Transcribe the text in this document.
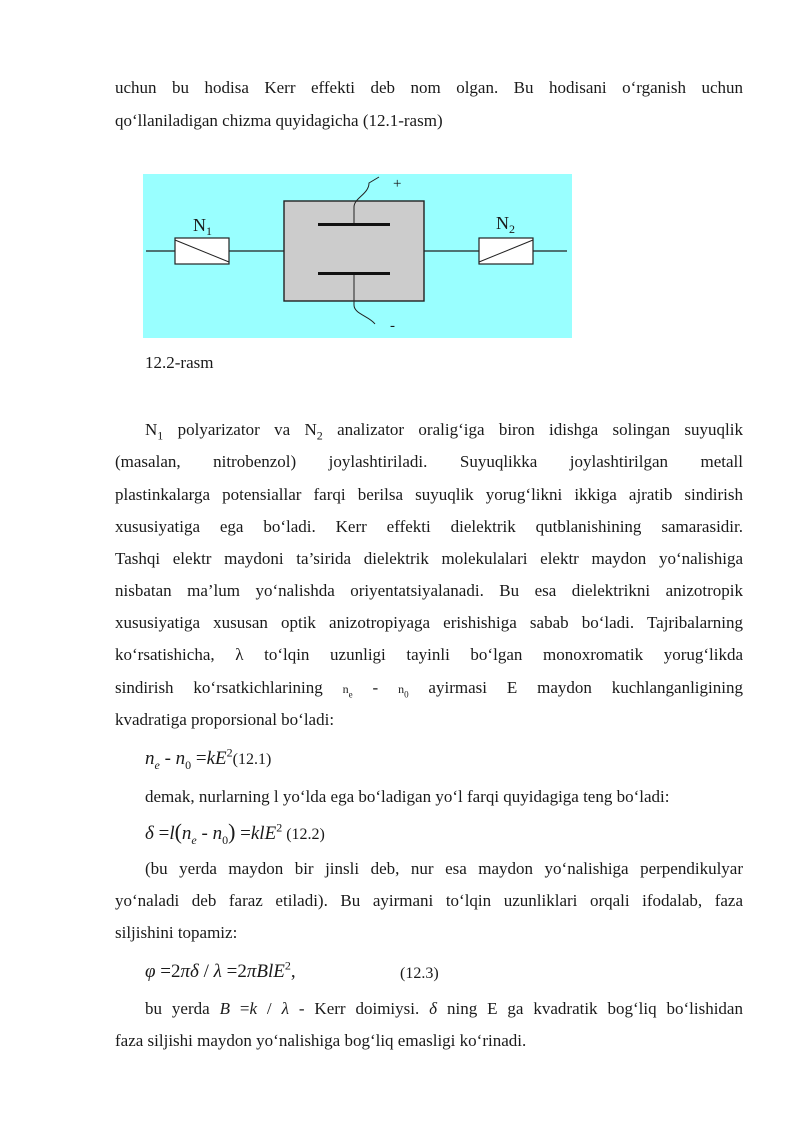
uchun bu hodisa Kerr effekti deb nom olgan. Bu hodisani o‘rganish uchun
qo‘llaniladigan chizma quyidagicha (12.1-rasm)
$N_1$	$N_2$
+
-
12.2-rasm
$N_1$ polyarizator va $N_2$ analizator oralig‘iga biron idishga solingan suyuqlik
(masalan, nitrobenzol) joylashtiriladi. Suyuqlikka joylashtirilgan metall
plastinkalarga potensiallar farqi berilsa suyuqlik yorug‘likni ikkiga ajratib sindirish
xususiyatiga ega bo‘ladi. Kerr effekti dielektrik qutblanishining samarasidir.
Tashqi elektr maydoni ta’sirida dielektrik molekulalari elektr maydon yo‘nalishiga
nisbatan ma’lum yo‘nalishda oriyentatsiyalanadi. Bu esa dielektrikni anizotropik
xususiyatiga xususan optik anizotropiyaga erishishiga sabab bo‘ladi. Tajribalarning
ko‘rsatishicha, λ to‘lqin uzunligi tayinli bo‘lgan monoxromatik yorug‘likda
sindirish ko‘rsatkichlarining $n_e - n_0$ ayirmasi E maydon kuchlanganligining
kvadratiga proporsional bo‘ladi:
$n_e - n_0 =kE^2(12.1)$
demak, nurlarning l yo‘lda ega bo‘ladigan yo‘l farqi quyidagiga teng bo‘ladi:
$\delta =l(n_e - n_0) =klE^2$ (12.2)
(bu yerda maydon bir jinsli deb, nur esa maydon yo‘nalishiga perpendikulyar
yo‘naladi deb faraz etiladi). Bu ayirmani to‘lqin uzunliklari orqali ifodalab, faza
siljishini topamiz:
φ =2πδ / λ =2πBlE$^2$,	(12.3)
bu yerda B =k / λ - Kerr doimiysi. δ ning E ga kvadratik bog‘liq bo‘lishidan
faza siljishi maydon yo‘nalishiga bog‘liq emasligi ko‘rinadi.
